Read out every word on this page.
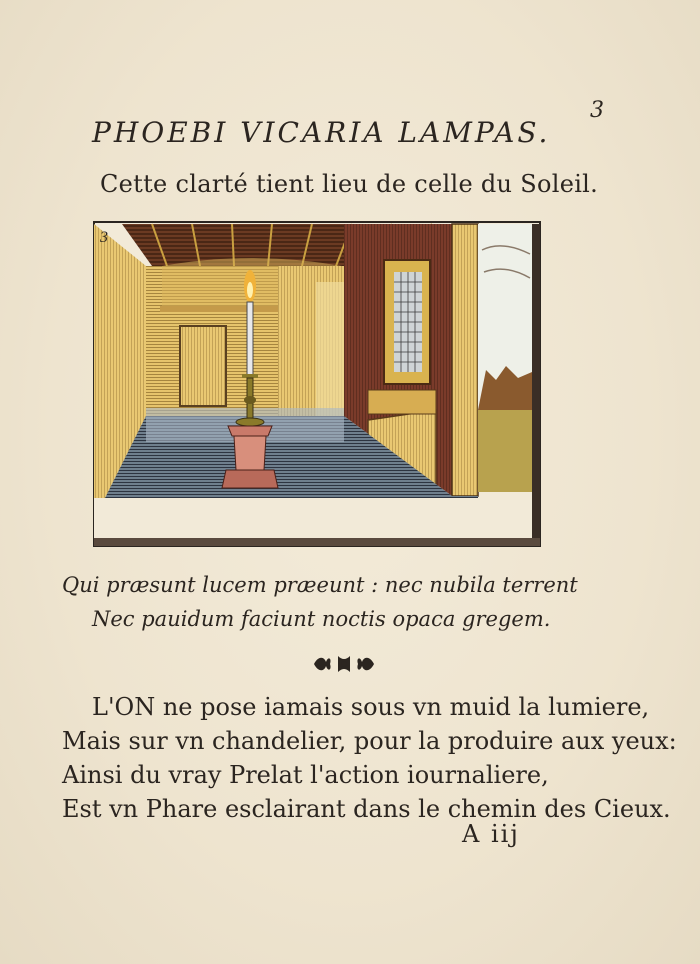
3
PHOEBI VICARIA LAMPAS.
Cette clarté tient lieu de celle du Soleil.
3
Qui præsunt lucem præeunt : nec nubila terrent
Nec pauidum faciunt noctis opaca gregem.
L'ON ne pose iamais sous vn muid la lumiere,
Mais sur vn chandelier, pour la produire aux yeux:
Ainsi du vray Prelat l'action iournaliere,
Est vn Phare esclairant dans le chemin des Cieux.
A iij
